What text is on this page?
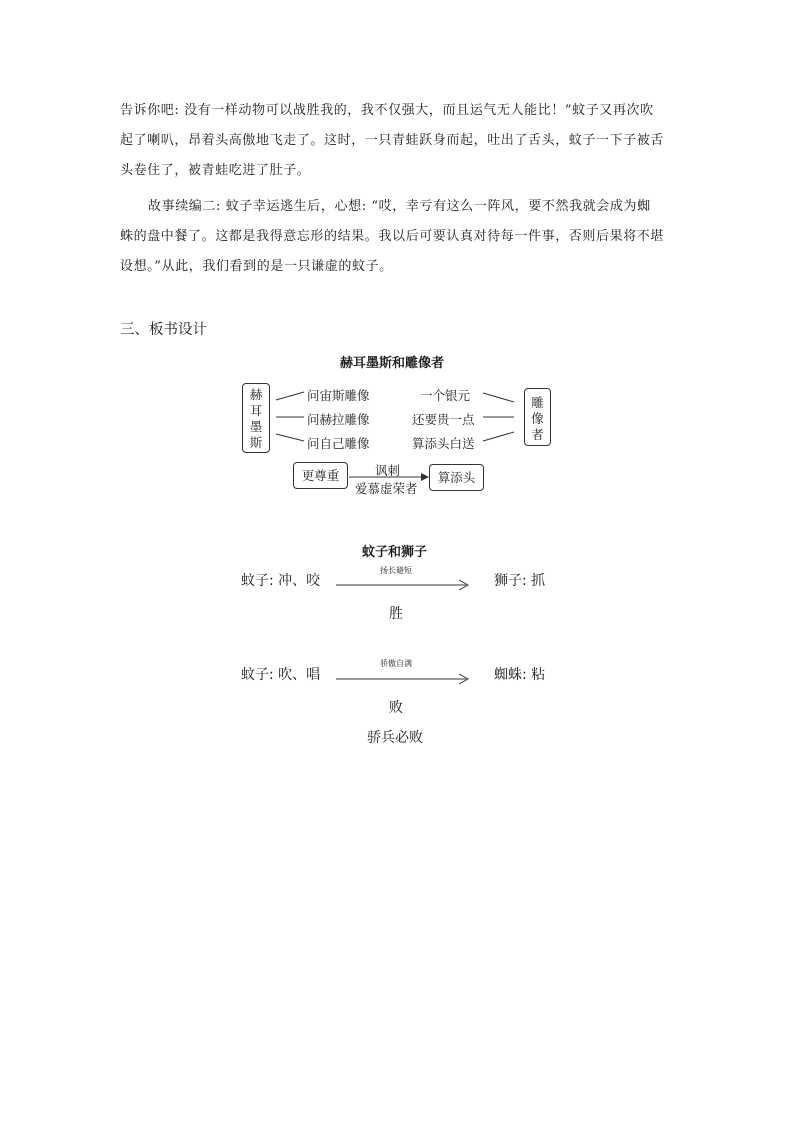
告诉你吧: 没有一样动物可以战胜我的，我不仅强大，而且运气无人能比！”蚊子又再次吹
起了喇叭，昂着头高傲地飞走了。这时，一只青蛙跃身而起，吐出了舌头，蚊子一下子被舌
头卷住了，被青蛙吃进了肚子。
故事续编二: 蚊子幸运逃生后，心想: “哎，幸亏有这么一阵风，要不然我就会成为蜘
蛛的盘中餐了。这都是我得意忘形的结果。我以后可要认真对待每一件事，否则后果将不堪
设想。”从此，我们看到的是一只谦虚的蚊子。

三、板书设计

赫耳墨斯和雕像者
赫耳墨斯
雕像者
问宙斯雕像
问赫拉雕像
问自己雕像
一个银元
还要贵一点
算添头白送
更尊重	算添头
讽刺
爱慕虚荣者
蚊子和狮子
蚊子: 冲、咬
扬长避短
狮子: 抓
胜
蚊子: 吹、唱
骄傲自满
蜘蛛: 粘
败
骄兵必败
